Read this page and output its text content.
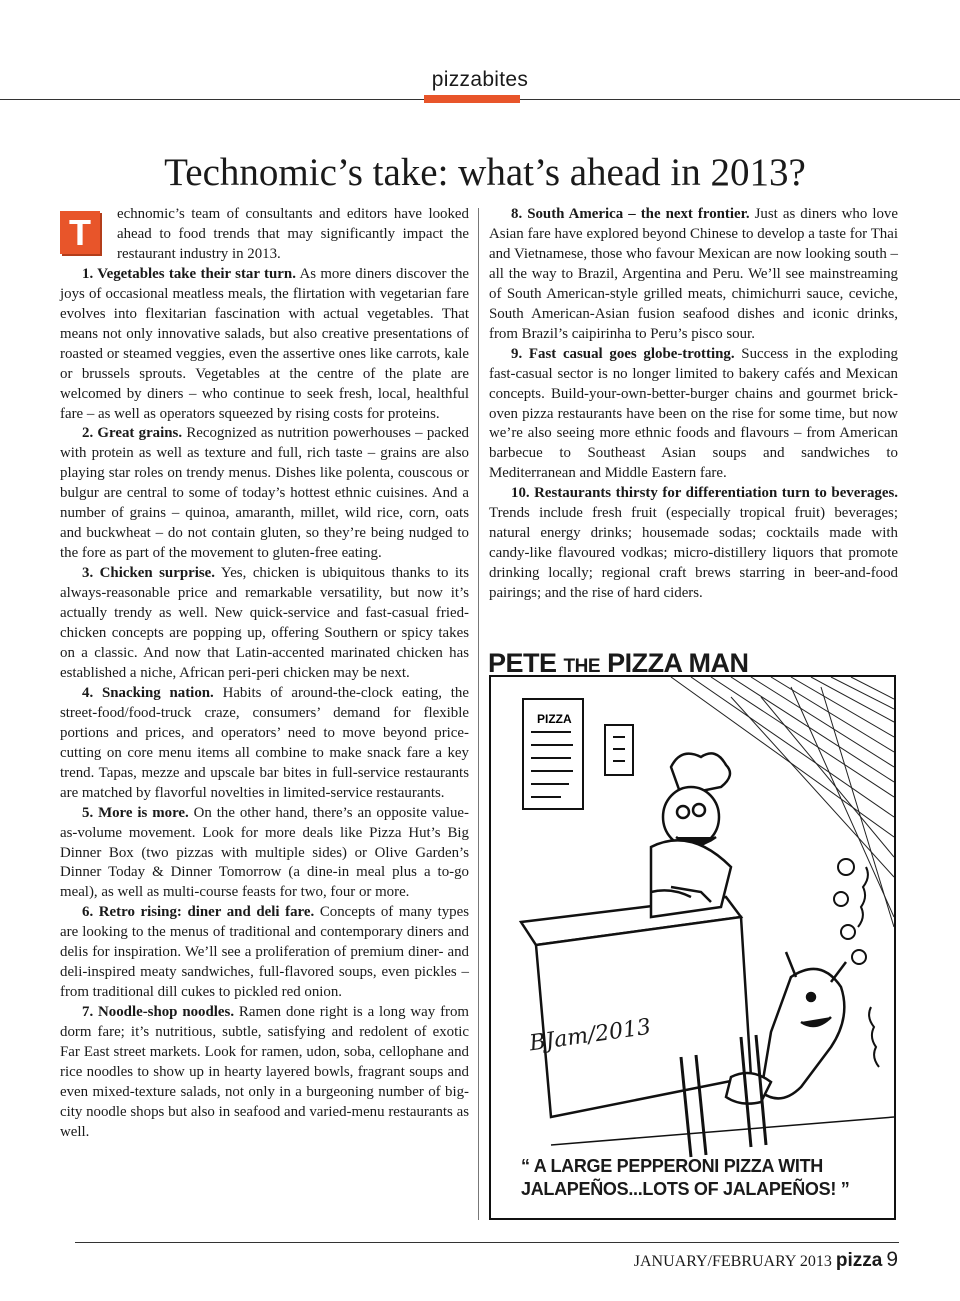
pizzabites
Technomic’s take: what’s ahead in 2013?

T	echnomic’s team of consultants and editors have looked ahead to food trends that may significantly impact the restaurant industry in 2013.

1. Vegetables take their star turn. As more diners discover the joys of occasional meatless meals, the flirtation with vegetarian fare evolves into flexitarian fascination with actual vegetables. That means not only innovative salads, but also creative presentations of roasted or steamed veggies, even the assertive ones like carrots, kale or brussels sprouts. Vegetables at the centre of the plate are welcomed by diners – who continue to seek fresh, local, healthful fare – as well as operators squeezed by rising costs for proteins.

2. Great grains. Recognized as nutrition powerhouses – packed with protein as well as texture and full, rich taste – grains are also playing star roles on trendy menus. Dishes like polenta, couscous or bulgur are central to some of today’s hottest ethnic cuisines. And a number of grains – quinoa, amaranth, millet, wild rice, corn, oats and buckwheat – do not contain gluten, so they’re being nudged to the fore as part of the movement to gluten-free eating.

3. Chicken surprise. Yes, chicken is ubiquitous thanks to its always-reasonable price and remarkable versatility, but now it’s actually trendy as well. New quick-service and fast-casual fried-chicken concepts are popping up, offering Southern or spicy takes on a classic. And now that Latin-accented marinated chicken has established a niche, African peri-peri chicken may be next.

4. Snacking nation. Habits of around-the-clock eating, the street-food/food-truck craze, consumers’ demand for flexible portions and prices, and operators’ need to move beyond price-cutting on core menu items all combine to make snack fare a key trend. Tapas, mezze and upscale bar bites in full-service restaurants are matched by flavorful novelties in limited-service restaurants.

5. More is more. On the other hand, there’s an opposite value-as-volume movement. Look for more deals like Pizza Hut’s Big Dinner Box (two pizzas with multiple sides) or Olive Garden’s Dinner Today & Dinner Tomorrow (a dine-in meal plus a to-go meal), as well as multi-course feasts for two, four or more.

6. Retro rising: diner and deli fare. Concepts of many types are looking to the menus of traditional and contemporary diners and delis for inspiration. We’ll see a proliferation of premium diner- and deli-inspired meaty sandwiches, full-flavored soups, even pickles – from traditional dill cukes to pickled red onion.

7. Noodle-shop noodles. Ramen done right is a long way from dorm fare; it’s nutritious, subtle, satisfying and redolent of exotic Far East street markets. Look for ramen, udon, soba, cellophane and rice noodles to show up in hearty layered bowls, fragrant soups and even mixed-texture salads, not only in a burgeoning number of big-city noodle shops but also in seafood and varied-menu restaurants as well.

8. South America – the next frontier. Just as diners who love Asian fare have explored beyond Chinese to develop a taste for Thai and Vietnamese, those who favour Mexican are now looking south – all the way to Brazil, Argentina and Peru. We’ll see mainstreaming of South American-style grilled meats, chimichurri sauce, ceviche, South American-Asian fusion seafood dishes and iconic drinks, from Brazil’s caipirinha to Peru’s pisco sour.

9. Fast casual goes globe-trotting. Success in the exploding fast-casual sector is no longer limited to bakery cafés and Mexican concepts. Build-your-own-better-burger chains and gourmet brick-oven pizza restaurants have been on the rise for some time, but now we’re also seeing more ethnic foods and flavours – from American barbecue to Southeast Asian soups and sandwiches to Mediterranean and Middle Eastern fare.

10. Restaurants thirsty for differentiation turn to beverages. Trends include fresh fruit (especially tropical fruit) beverages; natural energy drinks; housemade sodas; cocktails made with candy-like flavoured vodkas; micro-distillery liquors that promote drinking locally; regional craft brews starring in beer-and-food pairings; and the rise of hard ciders.

PETE THE PIZZA MAN
PIZZA
BJam/2013
“ A LARGE PEPPERONI PIZZA WITH JALAPEÑOS...LOTS OF JALAPEÑOS! ”
JANUARY/FEBRUARY 2013 pizza 9
